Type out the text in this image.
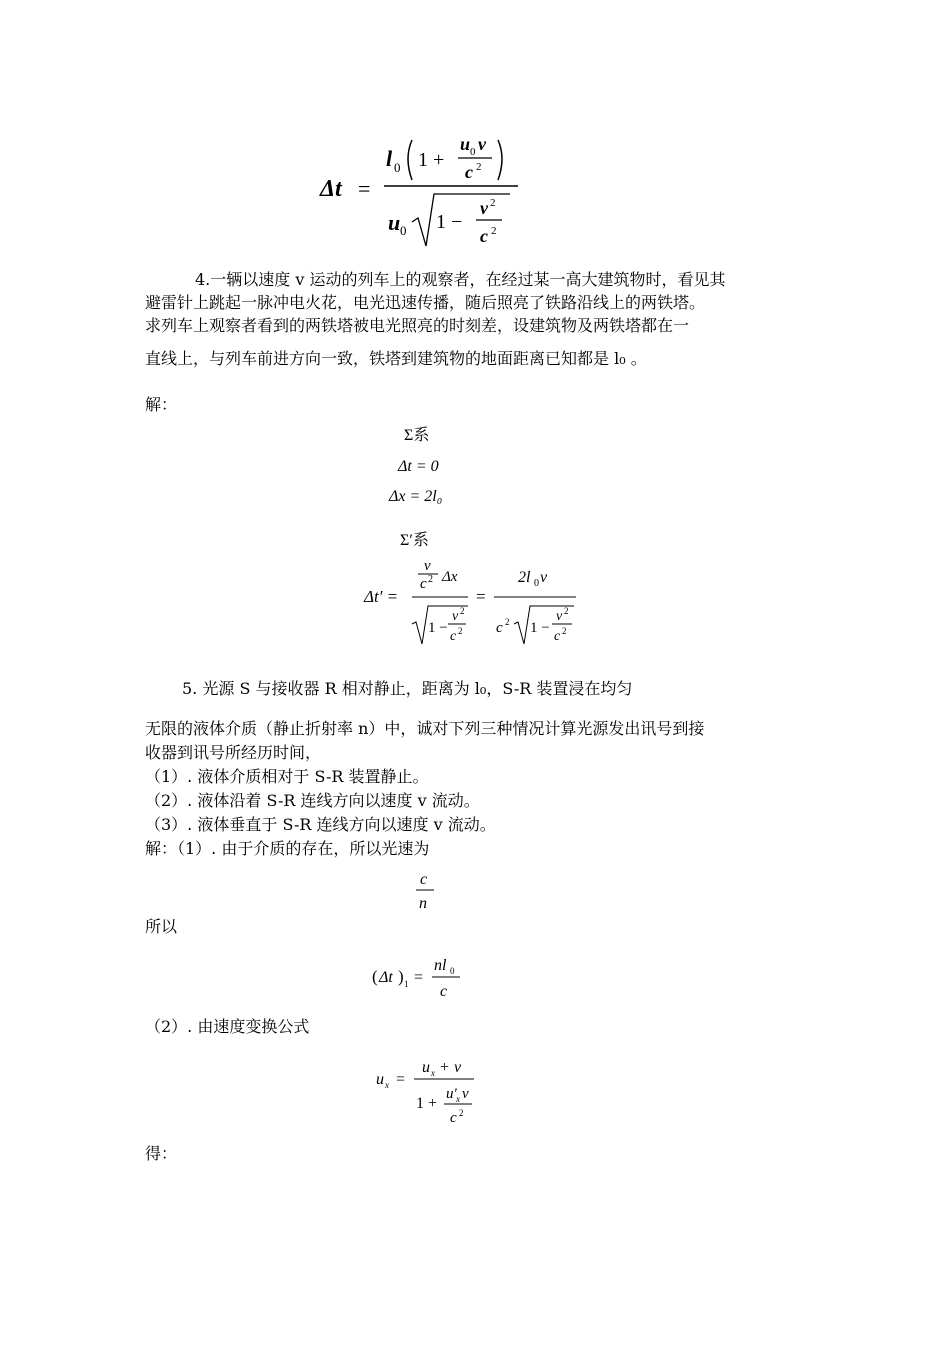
Δt =
l 0 1 +
u 0 v
c 2
u 0 1 −
v 2
c 2
4.一辆以速度 v 运动的列车上的观察者，在经过某一高大建筑物时，看见其
避雷针上跳起一脉冲电火花，电光迅速传播，随后照亮了铁路沿线上的两铁塔。
求列车上观察者看到的两铁塔被电光照亮的时刻差，设建筑物及两铁塔都在一
直线上，与列车前进方向一致，铁塔到建筑物的地面距离已知都是 l₀ 。
解：
Σ系
Δt = 0
Δx = 2l₀
Σ′系
Δt′ =
v
c 2 Δx
1 −
v 2
c 2
=
2l 0 v
c 2 1 −
v 2
c 2
5. 光源 S 与接收器 R 相对静止，距离为 l₀，S-R 装置浸在均匀
无限的液体介质（静止折射率 n）中，诚对下列三种情况计算光源发出讯号到接
收器到讯号所经历时间，
（1）. 液体介质相对于 S-R 装置静止。
（2）. 液体沿着 S-R 连线方向以速度 v 流动。
（3）. 液体垂直于 S-R 连线方向以速度 v 流动。
解：（1）. 由于介质的存在，所以光速为
c
n
所以
( Δt ) 1 =
nl 0
c
（2）. 由速度变换公式
u x =
u x + v
1 +
u′ x v
c 2
得：
